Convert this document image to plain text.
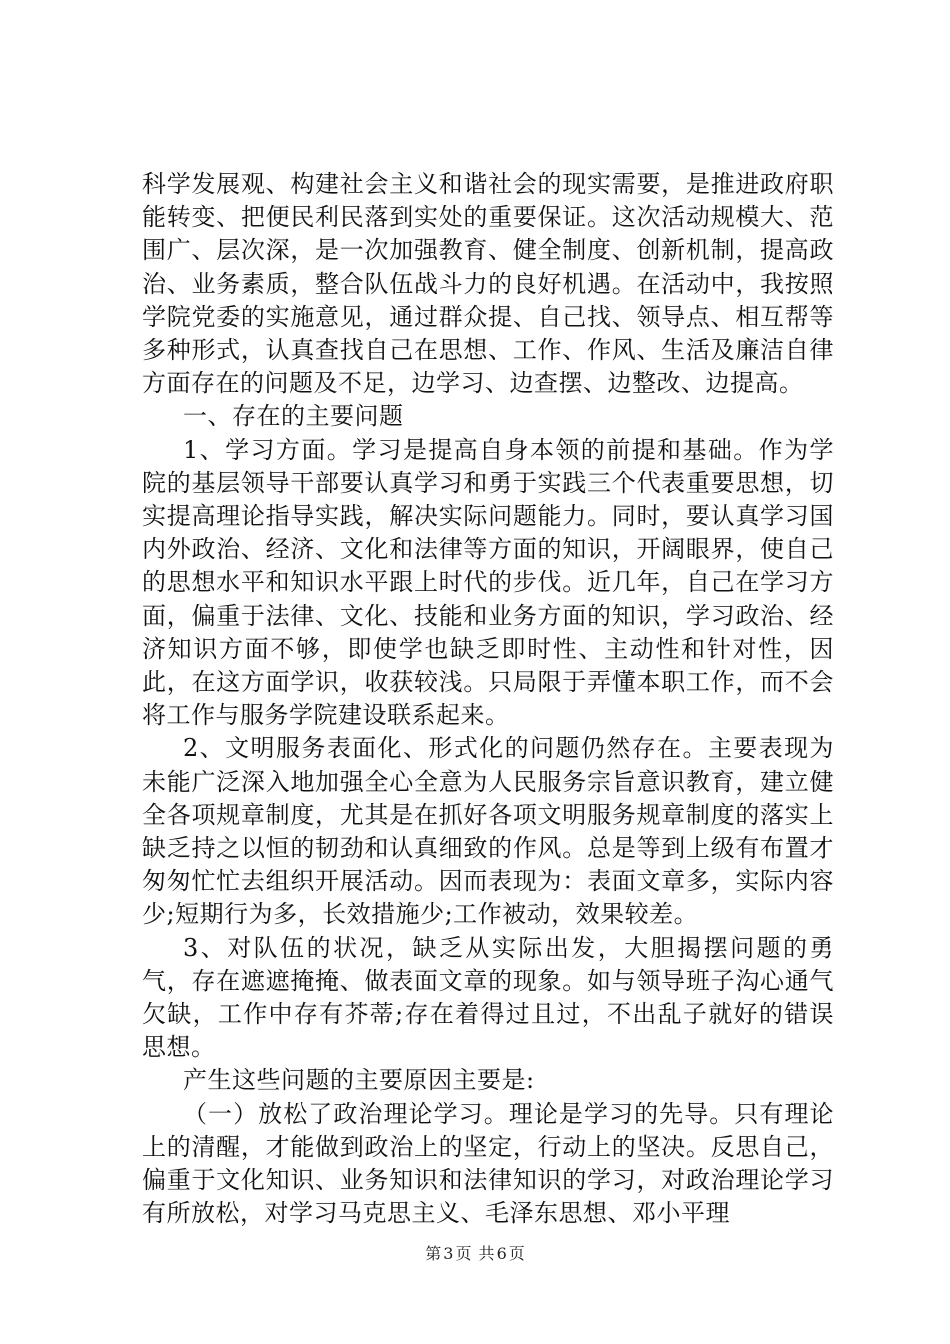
科学发展观、构建社会主义和谐社会的现实需要，是推进政府职能转变、把便民利民落到实处的重要保证。这次活动规模大、范围广、层次深，是一次加强教育、健全制度、创新机制，提高政治、业务素质，整合队伍战斗力的良好机遇。在活动中，我按照学院党委的实施意见，通过群众提、自己找、领导点、相互帮等多种形式，认真查找自己在思想、工作、作风、生活及廉洁自律方面存在的问题及不足，边学习、边查摆、边整改、边提高。

一、存在的主要问题

1、学习方面。学习是提高自身本领的前提和基础。作为学院的基层领导干部要认真学习和勇于实践三个代表重要思想，切实提高理论指导实践，解决实际问题能力。同时，要认真学习国内外政治、经济、文化和法律等方面的知识，开阔眼界，使自己的思想水平和知识水平跟上时代的步伐。近几年，自己在学习方面，偏重于法律、文化、技能和业务方面的知识，学习政治、经济知识方面不够，即使学也缺乏即时性、主动性和针对性，因此，在这方面学识，收获较浅。只局限于弄懂本职工作，而不会将工作与服务学院建设联系起来。

2、文明服务表面化、形式化的问题仍然存在。主要表现为未能广泛深入地加强全心全意为人民服务宗旨意识教育，建立健全各项规章制度，尤其是在抓好各项文明服务规章制度的落实上缺乏持之以恒的韧劲和认真细致的作风。总是等到上级有布置才匆匆忙忙去组织开展活动。因而表现为：表面文章多，实际内容少;短期行为多，长效措施少;工作被动，效果较差。

3、对队伍的状况，缺乏从实际出发，大胆揭摆问题的勇气，存在遮遮掩掩、做表面文章的现象。如与领导班子沟心通气欠缺，工作中存有芥蒂;存在着得过且过，不出乱子就好的错误思想。

产生这些问题的主要原因主要是:

（一）放松了政治理论学习。理论是学习的先导。只有理论上的清醒，才能做到政治上的坚定，行动上的坚决。反思自己，偏重于文化知识、业务知识和法律知识的学习，对政治理论学习有所放松，对学习马克思主义、毛泽东思想、邓小平理

第 3 页 共 6 页
